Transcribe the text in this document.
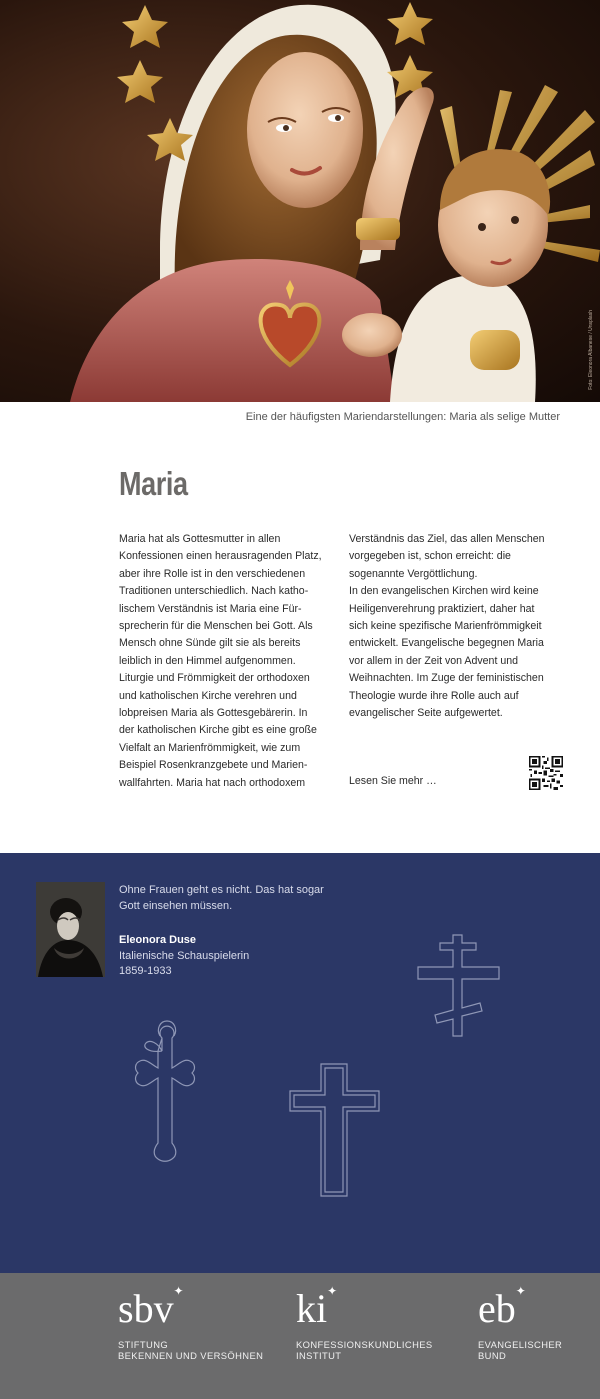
Foto: Eleonora Albanese / Unsplash
Eine der häufigsten Mariendarstellungen: Maria als selige Mutter
Maria

Maria hat als Gottesmutter in allen

Konfessionen einen herausragenden Platz,

aber ihre Rolle ist in den verschiedenen

Traditionen unterschiedlich. Nach katho-

lischem Verständnis ist Maria eine Für-

sprecherin für die Menschen bei Gott. Als

Mensch ohne Sünde gilt sie als bereits

leiblich in den Himmel aufgenommen.

Liturgie und Frömmigkeit der orthodoxen

und katholischen Kirche verehren und

lobpreisen Maria als Gottesgebärerin. In

der katholischen Kirche gibt es eine große

Vielfalt an Marienfrömmigkeit, wie zum

Beispiel Rosenkranzgebete und Marien-

wallfahrten. Maria hat nach orthodoxem

Verständnis das Ziel, das allen Menschen

vorgegeben ist, schon erreicht: die

sogenannte Vergöttlichung.

In den evangelischen Kirchen wird keine

Heiligenverehrung praktiziert, daher hat

sich keine spezifische Marienfrömmigkeit

entwickelt. Evangelische begegnen Maria

vor allem in der Zeit von Advent und

Weihnachten. Im Zuge der feministischen

Theologie wurde ihre Rolle auch auf

evangelischer Seite aufgewertet.

Lesen Sie mehr …
Ohne Frauen geht es nicht. Das hat sogar
Gott einsehen müssen.
Eleonora Duse
Italienische Schauspielerin
1859-1933
sbv ✦
STIFTUNG
BEKENNEN UND VERSÖHNEN
ki ✦
KONFESSIONSKUNDLICHES
INSTITUT
eb ✦
EVANGELISCHER
BUND
